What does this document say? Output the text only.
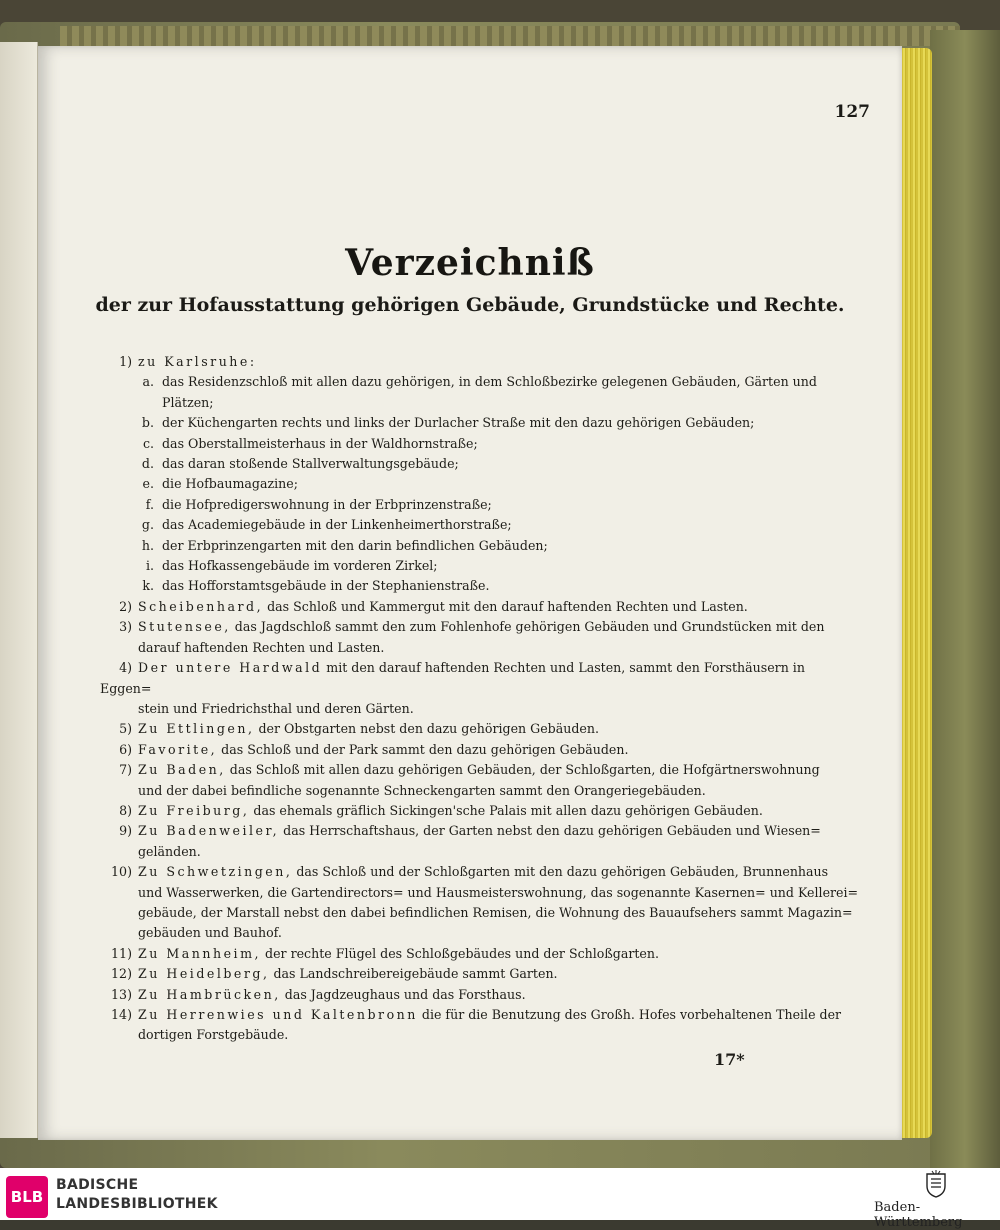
127
Verzeichniß
der zur Hofausstattung gehörigen Gebäude, Grundstücke und Rechte.
1) zu Karlsruhe:
a. das Residenzschloß mit allen dazu gehörigen, in dem Schloßbezirke gelegenen Gebäuden, Gärten und
Plätzen;
b. der Küchengarten rechts und links der Durlacher Straße mit den dazu gehörigen Gebäuden;
c. das Oberstallmeisterhaus in der Waldhornstraße;
d. das daran stoßende Stallverwaltungsgebäude;
e. die Hofbaumagazine;
f. die Hofpredigerswohnung in der Erbprinzenstraße;
g. das Academiegebäude in der Linkenheimerthorstraße;
h. der Erbprinzengarten mit den darin befindlichen Gebäuden;
i. das Hofkassengebäude im vorderen Zirkel;
k. das Hofforstamtsgebäude in der Stephanienstraße.
2) Scheibenhard, das Schloß und Kammergut mit den darauf haftenden Rechten und Lasten.
3) Stutensee, das Jagdschloß sammt den zum Fohlenhofe gehörigen Gebäuden und Grundstücken mit den
darauf haftenden Rechten und Lasten.
4) Der untere Hardwald mit den darauf haftenden Rechten und Lasten, sammt den Forsthäusern in Eggen=
stein und Friedrichsthal und deren Gärten.
5) Zu Ettlingen, der Obstgarten nebst den dazu gehörigen Gebäuden.
6) Favorite, das Schloß und der Park sammt den dazu gehörigen Gebäuden.
7) Zu Baden, das Schloß mit allen dazu gehörigen Gebäuden, der Schloßgarten, die Hofgärtnerswohnung
und der dabei befindliche sogenannte Schneckengarten sammt den Orangeriegebäuden.
8) Zu Freiburg, das ehemals gräflich Sickingen'sche Palais mit allen dazu gehörigen Gebäuden.
9) Zu Badenweiler, das Herrschaftshaus, der Garten nebst den dazu gehörigen Gebäuden und Wiesen=
geländen.
10) Zu Schwetzingen, das Schloß und der Schloßgarten mit den dazu gehörigen Gebäuden, Brunnenhaus
und Wasserwerken, die Gartendirectors= und Hausmeisterswohnung, das sogenannte Kasernen= und Kellerei=
gebäude, der Marstall nebst den dabei befindlichen Remisen, die Wohnung des Bauaufsehers sammt Magazin=
gebäuden und Bauhof.
11) Zu Mannheim, der rechte Flügel des Schloßgebäudes und der Schloßgarten.
12) Zu Heidelberg, das Landschreibereigebäude sammt Garten.
13) Zu Hambrücken, das Jagdzeughaus und das Forsthaus.
14) Zu Herrenwies und Kaltenbronn die für die Benutzung des Großh. Hofes vorbehaltenen Theile der
dortigen Forstgebäude.
17*
BLB
BADISCHE
LANDESBIBLIOTHEK	Baden-Württemberg
